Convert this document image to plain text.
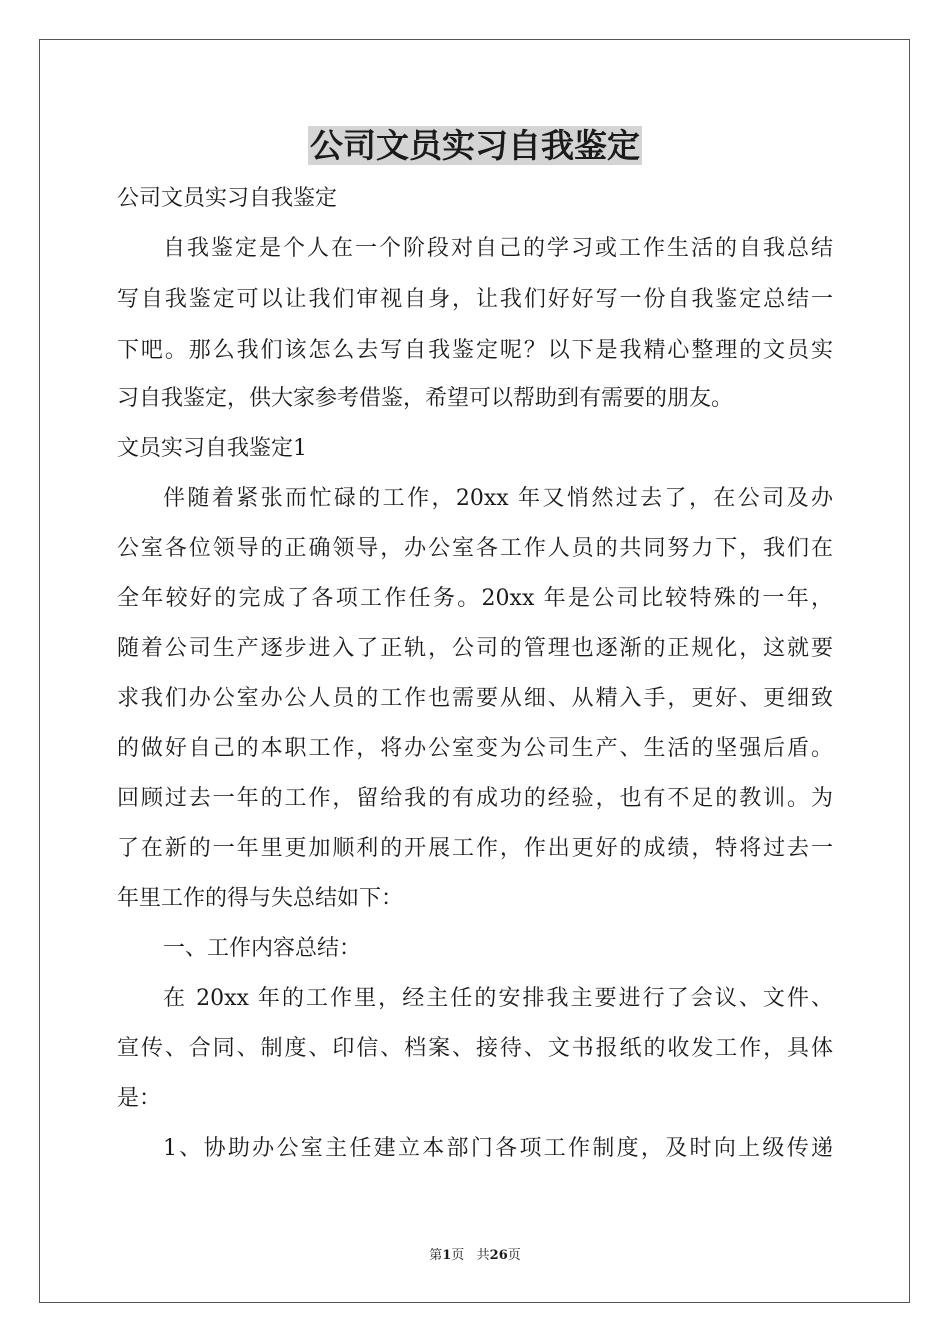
公司文员实习自我鉴定
公司文员实习自我鉴定
自我鉴定是个人在一个阶段对自己的学习或工作生活的自我总结
写自我鉴定可以让我们审视自身，让我们好好写一份自我鉴定总结一
下吧。那么我们该怎么去写自我鉴定呢？以下是我精心整理的文员实
习自我鉴定，供大家参考借鉴，希望可以帮助到有需要的朋友。
文员实习自我鉴定1
伴随着紧张而忙碌的工作，20xx 年又悄然过去了，在公司及办
公室各位领导的正确领导，办公室各工作人员的共同努力下，我们在
全年较好的完成了各项工作任务。20xx 年是公司比较特殊的一年，
随着公司生产逐步进入了正轨，公司的管理也逐渐的正规化，这就要
求我们办公室办公人员的工作也需要从细、从精入手，更好、更细致
的做好自己的本职工作，将办公室变为公司生产、生活的坚强后盾。
回顾过去一年的工作，留给我的有成功的经验，也有不足的教训。为
了在新的一年里更加顺利的开展工作，作出更好的成绩，特将过去一
年里工作的得与失总结如下：
一、工作内容总结：
在 20xx 年的工作里，经主任的安排我主要进行了会议、文件、
宣传、合同、制度、印信、档案、接待、文书报纸的收发工作，具体
是：
1、协助办公室主任建立本部门各项工作制度，及时向上级传递
第1页   共26页
